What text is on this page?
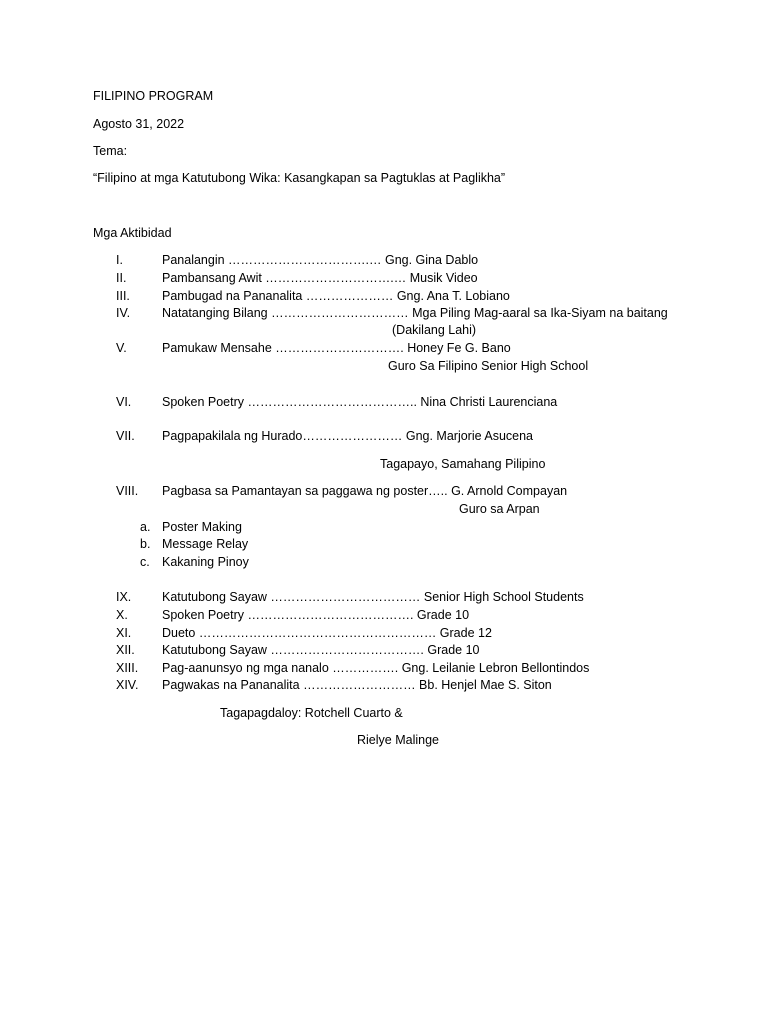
FILIPINO PROGRAM
Agosto 31, 2022
Tema:
“Filipino at mga Katutubong Wika: Kasangkapan sa Pagtuklas at Paglikha”
Mga Aktibidad
I.	Panalangin …………………………….… Gng. Gina Dablo
II.	Pambansang Awit ………………………….… Musik Video
III.	Pambugad na Pananalita ………………… Gng. Ana T. Lobiano
IV.	Natatanging Bilang …………………………… Mga Piling Mag-aaral sa Ika-Siyam na baitang
(Dakilang Lahi)
V.	Pamukaw Mensahe …………………………. Honey Fe G. Bano
Guro Sa Filipino Senior High School
VI. Spoken Poetry ………………………………….. Nina Christi Laurenciana
VII. Pagpapakilala ng Hurado…………………… Gng. Marjorie Asucena
Tagapayo, Samahang Pilipino
VIII. Pagbasa sa Pamantayan sa paggawa ng poster….. G. Arnold Compayan
Guro sa Arpan
a. Poster Making
b. Message Relay
c. Kakaning Pinoy
IX. Katutubong Sayaw ……………………………… Senior High School Students
X.	Spoken Poetry …………………………………. Grade 10
XI. Dueto ………………………………………………… Grade 12
XII. Katutubong Sayaw ………………………………. Grade 10
XIII. Pag-aanunsyo ng mga nanalo ……………. Gng. Leilanie Lebron Bellontindos
XIV. Pagwakas na Pananalita ……………………… Bb. Henjel Mae S. Siton
Tagapagdaloy: Rotchell Cuarto &
Rielye Malinge
